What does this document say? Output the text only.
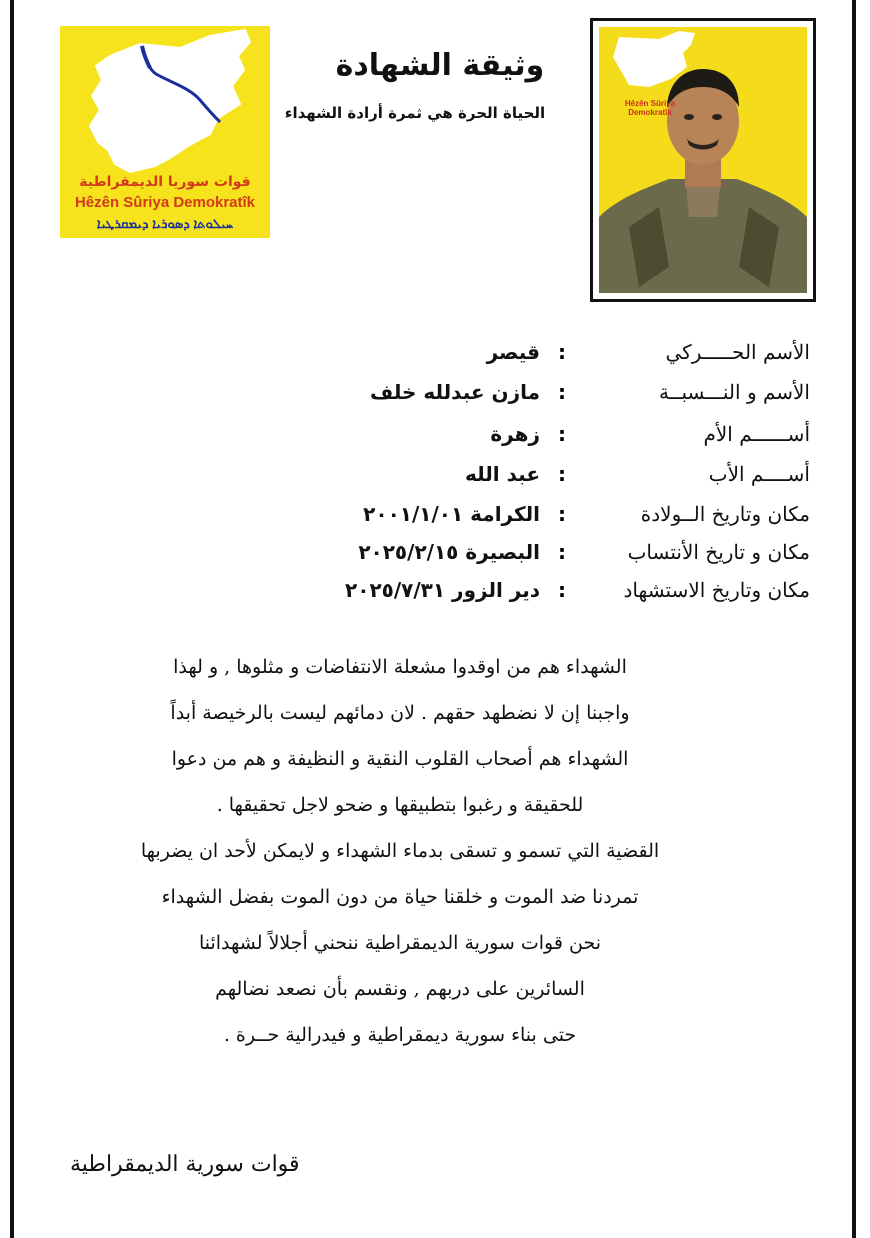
قوات سوريا الديمقراطية
Hêzên Sûriya Demokratîk
ܚܝܠܘܬܐ ܕܣܘܪܝܐ ܕܝܡܩܪܛܝܐ
وثيقة الشهادة
الحياة الحرة هي ثمرة أرادة الشهداء
Hêzên Sûriya Demokratîk
الأسم الحـــــركي
:
قيصر
الأسم و النـــسبــة
:
مازن عبدلله خلف
أســــــم الأم
:
زهرة
أســــم الأب
:
عبد الله
مكان وتاريخ الــولادة
:
الكرامة ٢٠٠١/١/٠١
مكان و تاريخ الأنتساب
:
البصيرة ٢٠٢٥/٢/١٥
مكان وتاريخ الاستشهاد
:
دير الزور ٢٠٢٥/٧/٣١
الشهداء هم من اوقدوا مشعلة الانتفاضات و مثلوها , و لهذا
واجبنا إن لا نضطهد حقهم . لان دمائهم ليست بالرخيصة أبداً
الشهداء هم أصحاب القلوب النقية و النظيفة و هم من دعوا
للحقيقة و رغبوا بتطبيقها و ضحو لاجل تحقيقها .
القضية التي تسمو و تسقى بدماء الشهداء و لايمكن لأحد ان يضربها
تمردنا ضد الموت و خلقنا حياة من دون الموت بفضل الشهداء
نحن قوات سورية الديمقراطية ننحني أجلالاً لشهدائنا
السائرين على دربهم , ونقسم بأن نصعد نضالهم
حتى بناء سورية ديمقراطية و فيدرالية حــرة .
قوات سورية الديمقراطية
